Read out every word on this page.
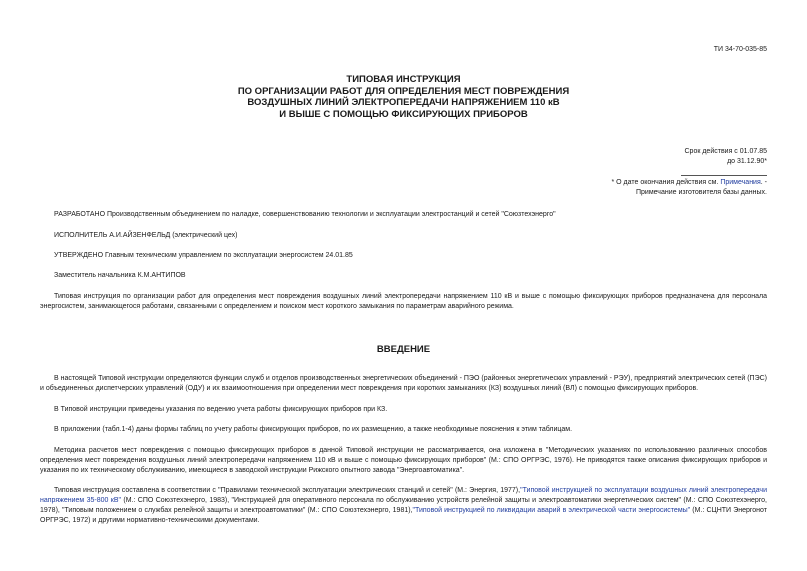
ТИ 34-70-035-85
ТИПОВАЯ ИНСТРУКЦИЯ
ПО ОРГАНИЗАЦИИ РАБОТ ДЛЯ ОПРЕДЕЛЕНИЯ МЕСТ ПОВРЕЖДЕНИЯ
ВОЗДУШНЫХ ЛИНИЙ ЭЛЕКТРОПЕРЕДАЧИ НАПРЯЖЕНИЕМ 110 кВ
И ВЫШЕ С ПОМОЩЬЮ ФИКСИРУЮЩИХ ПРИБОРОВ
Срок действия с 01.07.85
до 31.12.90*
* О дате окончания действия см. Примечания. -
Примечание изготовителя базы данных.
РАЗРАБОТАНО Производственным объединением по наладке, совершенствованию технологии и эксплуатации электростанций и сетей "Союзтехэнерго"
ИСПОЛНИТЕЛЬ А.И.АЙЗЕНФЕЛЬД (электрический цех)
УТВЕРЖДЕНО Главным техническим управлением по эксплуатации энергосистем 24.01.85
Заместитель начальника К.М.АНТИПОВ
Типовая инструкция по организации работ для определения мест повреждения воздушных линий электропередачи напряжением 110 кВ и выше с помощью фиксирующих приборов предназначена для персонала энергосистем, занимающегося работами, связанными с определением и поиском мест короткого замыкания по параметрам аварийного режима.
ВВЕДЕНИЕ
В настоящей Типовой инструкции определяются функции служб и отделов производственных энергетических объединений - ПЭО (районных энергетических управлений - РЭУ), предприятий электрических сетей (ПЭС) и объединенных диспетчерских управлений (ОДУ) и их взаимоотношения при определении мест повреждения при коротких замыканиях (КЗ) воздушных линий (ВЛ) с помощью фиксирующих приборов.
В Типовой инструкции приведены указания по ведению учета работы фиксирующих приборов при КЗ.
В приложении (табл.1-4) даны формы таблиц по учету работы фиксирующих приборов, по их размещению, а также необходимые пояснения к этим таблицам.
Методика расчетов мест повреждения с помощью фиксирующих приборов в данной Типовой инструкции не рассматривается, она изложена в "Методических указаниях по использованию различных способов определения мест повреждения воздушных линий электропередачи напряжением 110 кВ и выше с помощью фиксирующих приборов" (М.: СПО ОРГРЭС, 1976). Не приводятся также описания фиксирующих приборов и указания по их техническому обслуживанию, имеющиеся в заводской инструкции Рижского опытного завода "Энергоавтоматика".
Типовая инструкция составлена в соответствии с "Правилами технической эксплуатации электрических станций и сетей" (М.: Энергия, 1977),"Типовой инструкцией по эксплуатации воздушных линий электропередачи напряжением 35-800 кВ" (М.: СПО Союзтехэнерго, 1983), "Инструкцией для оперативного персонала по обслуживанию устройств релейной защиты и электроавтоматики энергетических систем" (М.: СПО Союзтехэнерго, 1978), "Типовым положением о службах релейной защиты и электроавтоматики" (М.: СПО Союзтехэнерго, 1981),"Типовой инструкцией по ликвидации аварий в электрической части энергосистемы" (М.: СЦНТИ Энергонот ОРГРЭС, 1972) и другими нормативно-техническими документами.
